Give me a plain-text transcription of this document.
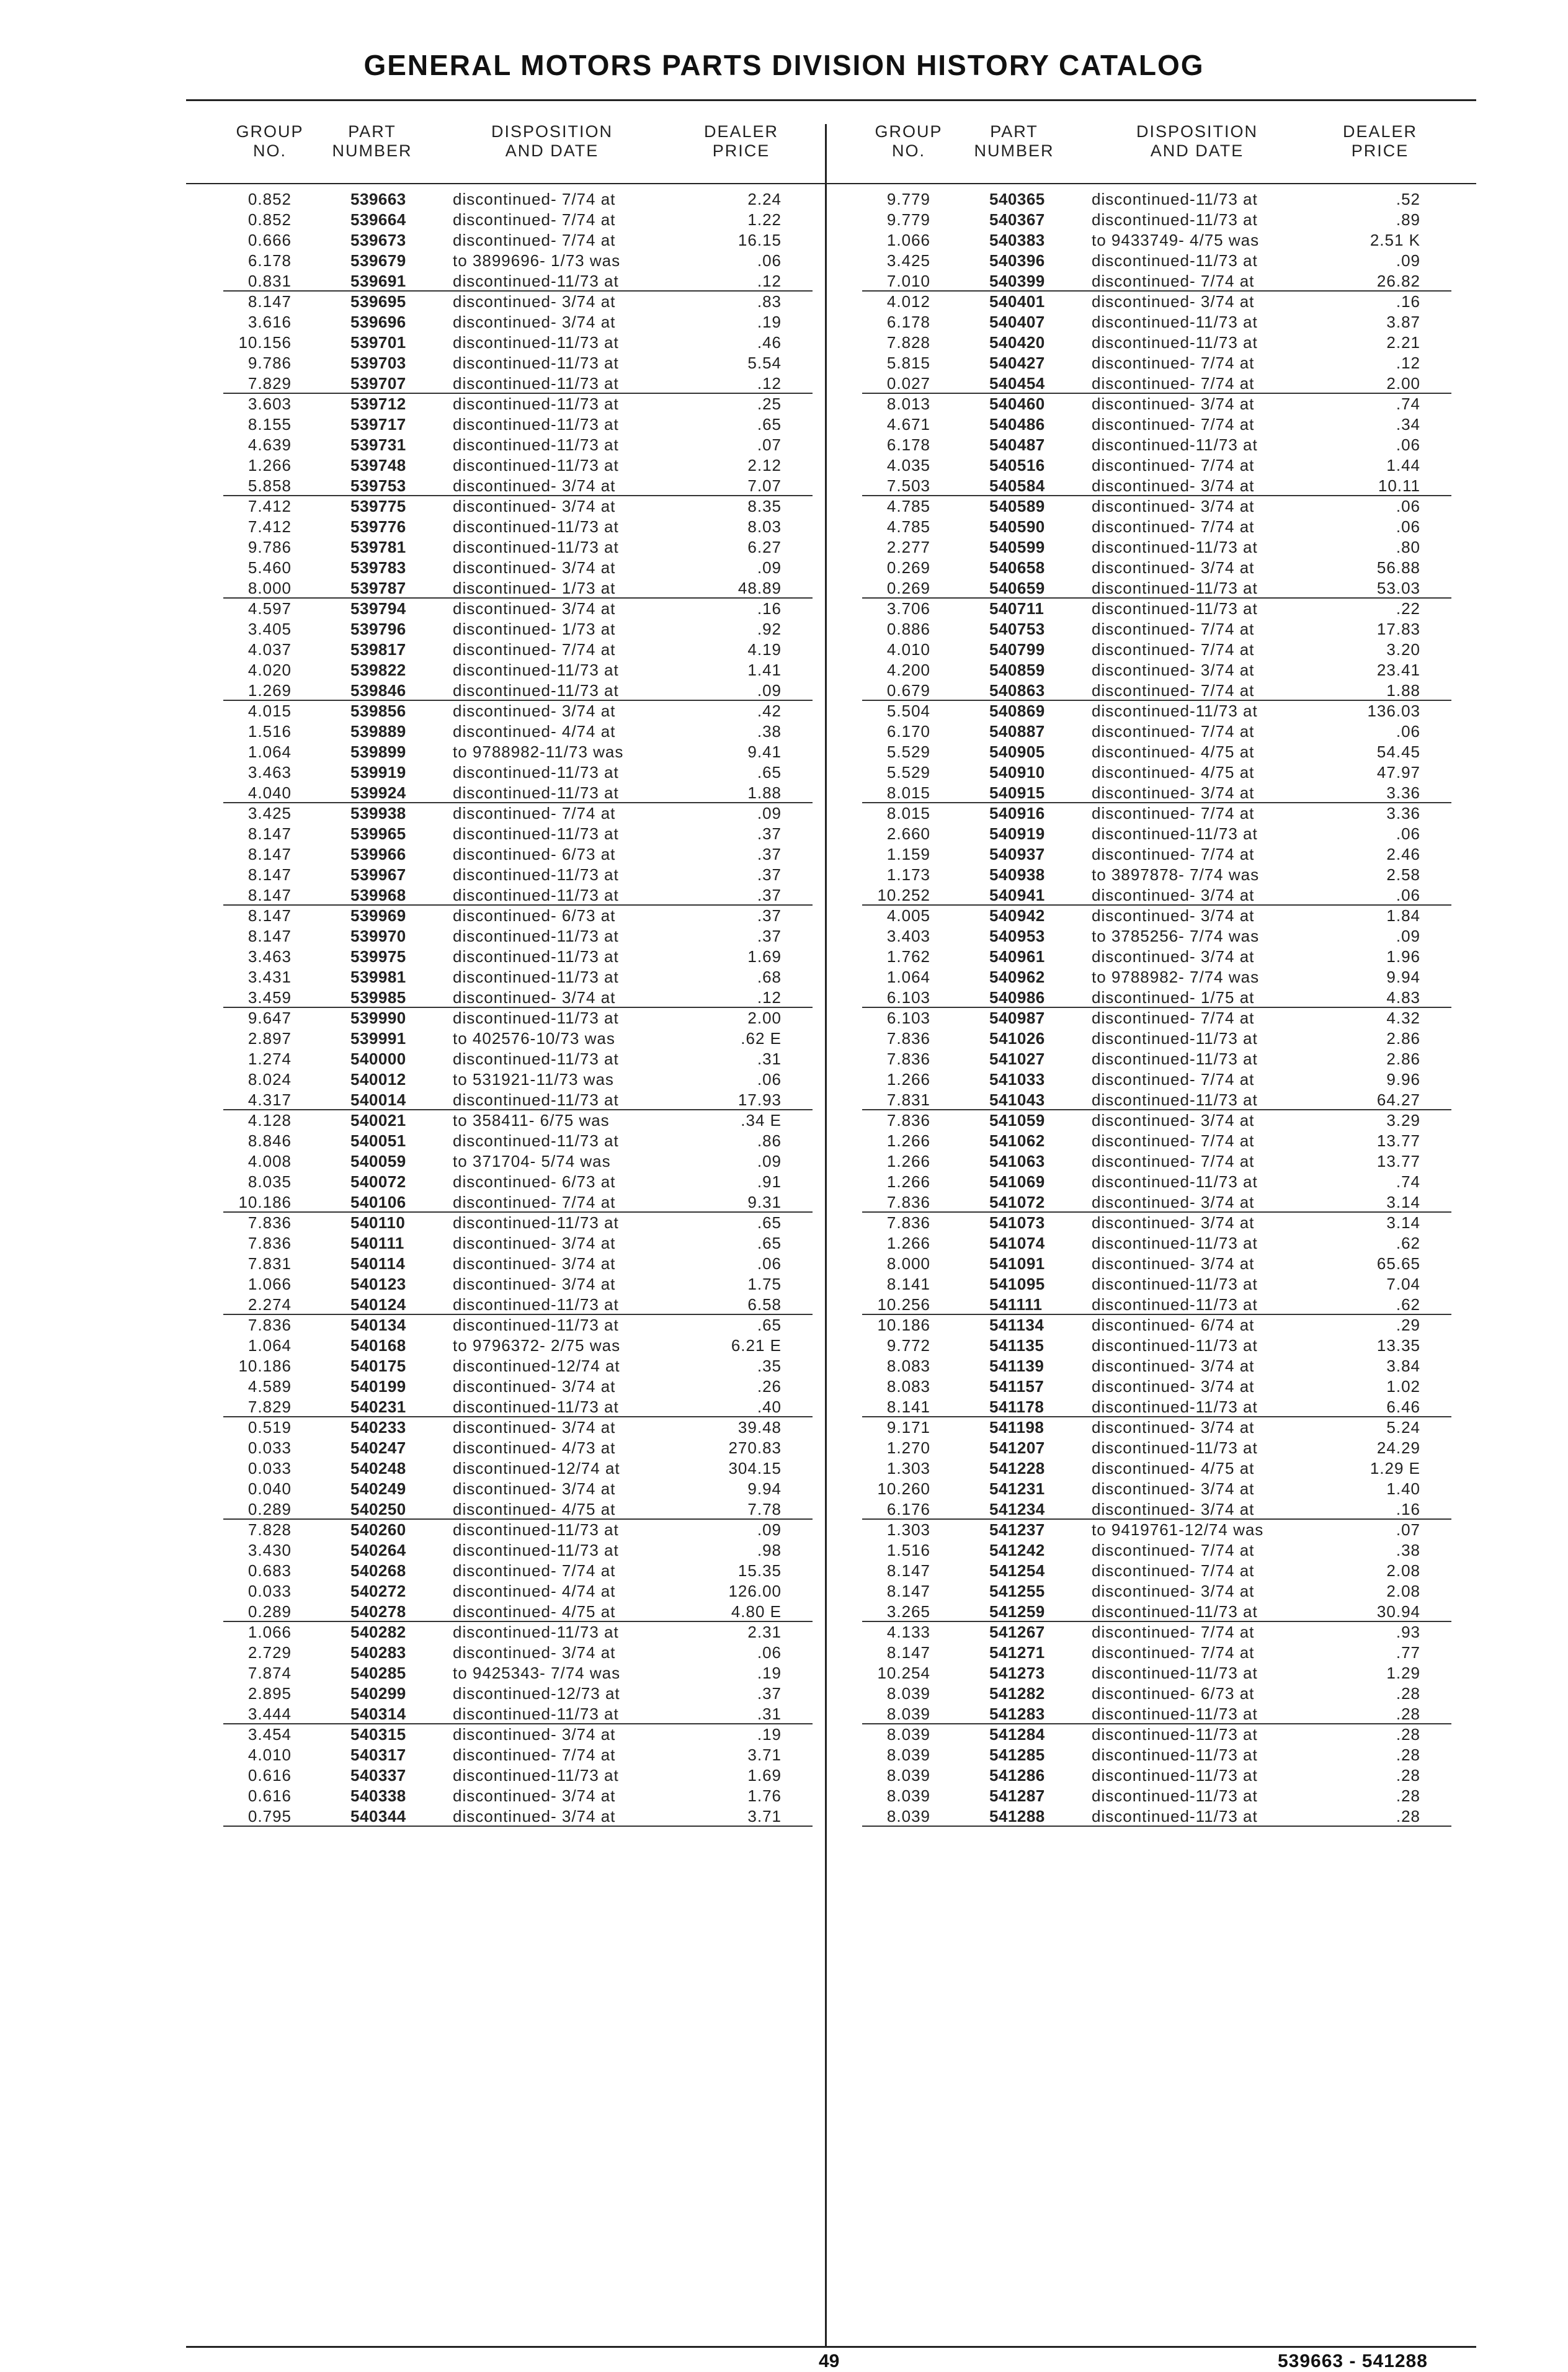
GENERAL MOTORS PARTS DIVISION HISTORY CATALOG
GROUP
NO.
PART
NUMBER
DISPOSITION
AND DATE
DEALER
PRICE
GROUP
NO.
PART
NUMBER
DISPOSITION
AND DATE
DEALER
PRICE
0.852	539663	discontinued- 7/74 at	2.24
0.852	539664	discontinued- 7/74 at	1.22
0.666	539673	discontinued- 7/74 at	16.15
6.178	539679	to 3899696- 1/73 was	.06
0.831	539691	discontinued-11/73 at	.12
8.147	539695	discontinued- 3/74 at	.83
3.616	539696	discontinued- 3/74 at	.19
10.156	539701	discontinued-11/73 at	.46
9.786	539703	discontinued-11/73 at	5.54
7.829	539707	discontinued-11/73 at	.12
3.603	539712	discontinued-11/73 at	.25
8.155	539717	discontinued-11/73 at	.65
4.639	539731	discontinued-11/73 at	.07
1.266	539748	discontinued-11/73 at	2.12
5.858	539753	discontinued- 3/74 at	7.07
7.412	539775	discontinued- 3/74 at	8.35
7.412	539776	discontinued-11/73 at	8.03
9.786	539781	discontinued-11/73 at	6.27
5.460	539783	discontinued- 3/74 at	.09
8.000	539787	discontinued- 1/73 at	48.89
4.597	539794	discontinued- 3/74 at	.16
3.405	539796	discontinued- 1/73 at	.92
4.037	539817	discontinued- 7/74 at	4.19
4.020	539822	discontinued-11/73 at	1.41
1.269	539846	discontinued-11/73 at	.09
4.015	539856	discontinued- 3/74 at	.42
1.516	539889	discontinued- 4/74 at	.38
1.064	539899	to 9788982-11/73 was	9.41
3.463	539919	discontinued-11/73 at	.65
4.040	539924	discontinued-11/73 at	1.88
3.425	539938	discontinued- 7/74 at	.09
8.147	539965	discontinued-11/73 at	.37
8.147	539966	discontinued- 6/73 at	.37
8.147	539967	discontinued-11/73 at	.37
8.147	539968	discontinued-11/73 at	.37
8.147	539969	discontinued- 6/73 at	.37
8.147	539970	discontinued-11/73 at	.37
3.463	539975	discontinued-11/73 at	1.69
3.431	539981	discontinued-11/73 at	.68
3.459	539985	discontinued- 3/74 at	.12
9.647	539990	discontinued-11/73 at	2.00
2.897	539991	to 402576-10/73 was	.62 E
1.274	540000	discontinued-11/73 at	.31
8.024	540012	to 531921-11/73 was	.06
4.317	540014	discontinued-11/73 at	17.93
4.128	540021	to 358411- 6/75 was	.34 E
8.846	540051	discontinued-11/73 at	.86
4.008	540059	to 371704- 5/74 was	.09
8.035	540072	discontinued- 6/73 at	.91
10.186	540106	discontinued- 7/74 at	9.31
7.836	540110	discontinued-11/73 at	.65
7.836	540111	discontinued- 3/74 at	.65
7.831	540114	discontinued- 3/74 at	.06
1.066	540123	discontinued- 3/74 at	1.75
2.274	540124	discontinued-11/73 at	6.58
7.836	540134	discontinued-11/73 at	.65
1.064	540168	to 9796372- 2/75 was	6.21 E
10.186	540175	discontinued-12/74 at	.35
4.589	540199	discontinued- 3/74 at	.26
7.829	540231	discontinued-11/73 at	.40
0.519	540233	discontinued- 3/74 at	39.48
0.033	540247	discontinued- 4/73 at	270.83
0.033	540248	discontinued-12/74 at	304.15
0.040	540249	discontinued- 3/74 at	9.94
0.289	540250	discontinued- 4/75 at	7.78
7.828	540260	discontinued-11/73 at	.09
3.430	540264	discontinued-11/73 at	.98
0.683	540268	discontinued- 7/74 at	15.35
0.033	540272	discontinued- 4/74 at	126.00
0.289	540278	discontinued- 4/75 at	4.80 E
1.066	540282	discontinued-11/73 at	2.31
2.729	540283	discontinued- 3/74 at	.06
7.874	540285	to 9425343- 7/74 was	.19
2.895	540299	discontinued-12/73 at	.37
3.444	540314	discontinued-11/73 at	.31
3.454	540315	discontinued- 3/74 at	.19
4.010	540317	discontinued- 7/74 at	3.71
0.616	540337	discontinued-11/73 at	1.69
0.616	540338	discontinued- 3/74 at	1.76
0.795	540344	discontinued- 3/74 at	3.71
9.779	540365	discontinued-11/73 at	.52
9.779	540367	discontinued-11/73 at	.89
1.066	540383	to 9433749- 4/75 was	2.51 K
3.425	540396	discontinued-11/73 at	.09
7.010	540399	discontinued- 7/74 at	26.82
4.012	540401	discontinued- 3/74 at	.16
6.178	540407	discontinued-11/73 at	3.87
7.828	540420	discontinued-11/73 at	2.21
5.815	540427	discontinued- 7/74 at	.12
0.027	540454	discontinued- 7/74 at	2.00
8.013	540460	discontinued- 3/74 at	.74
4.671	540486	discontinued- 7/74 at	.34
6.178	540487	discontinued-11/73 at	.06
4.035	540516	discontinued- 7/74 at	1.44
7.503	540584	discontinued- 3/74 at	10.11
4.785	540589	discontinued- 3/74 at	.06
4.785	540590	discontinued- 7/74 at	.06
2.277	540599	discontinued-11/73 at	.80
0.269	540658	discontinued- 3/74 at	56.88
0.269	540659	discontinued-11/73 at	53.03
3.706	540711	discontinued-11/73 at	.22
0.886	540753	discontinued- 7/74 at	17.83
4.010	540799	discontinued- 7/74 at	3.20
4.200	540859	discontinued- 3/74 at	23.41
0.679	540863	discontinued- 7/74 at	1.88
5.504	540869	discontinued-11/73 at	136.03
6.170	540887	discontinued- 7/74 at	.06
5.529	540905	discontinued- 4/75 at	54.45
5.529	540910	discontinued- 4/75 at	47.97
8.015	540915	discontinued- 3/74 at	3.36
8.015	540916	discontinued- 7/74 at	3.36
2.660	540919	discontinued-11/73 at	.06
1.159	540937	discontinued- 7/74 at	2.46
1.173	540938	to 3897878- 7/74 was	2.58
10.252	540941	discontinued- 3/74 at	.06
4.005	540942	discontinued- 3/74 at	1.84
3.403	540953	to 3785256- 7/74 was	.09
1.762	540961	discontinued- 3/74 at	1.96
1.064	540962	to 9788982- 7/74 was	9.94
6.103	540986	discontinued- 1/75 at	4.83
6.103	540987	discontinued- 7/74 at	4.32
7.836	541026	discontinued-11/73 at	2.86
7.836	541027	discontinued-11/73 at	2.86
1.266	541033	discontinued- 7/74 at	9.96
7.831	541043	discontinued-11/73 at	64.27
7.836	541059	discontinued- 3/74 at	3.29
1.266	541062	discontinued- 7/74 at	13.77
1.266	541063	discontinued- 7/74 at	13.77
1.266	541069	discontinued-11/73 at	.74
7.836	541072	discontinued- 3/74 at	3.14
7.836	541073	discontinued- 3/74 at	3.14
1.266	541074	discontinued-11/73 at	.62
8.000	541091	discontinued- 3/74 at	65.65
8.141	541095	discontinued-11/73 at	7.04
10.256	541111	discontinued-11/73 at	.62
10.186	541134	discontinued- 6/74 at	.29
9.772	541135	discontinued-11/73 at	13.35
8.083	541139	discontinued- 3/74 at	3.84
8.083	541157	discontinued- 3/74 at	1.02
8.141	541178	discontinued-11/73 at	6.46
9.171	541198	discontinued- 3/74 at	5.24
1.270	541207	discontinued-11/73 at	24.29
1.303	541228	discontinued- 4/75 at	1.29 E
10.260	541231	discontinued- 3/74 at	1.40
6.176	541234	discontinued- 3/74 at	.16
1.303	541237	to 9419761-12/74 was	.07
1.516	541242	discontinued- 7/74 at	.38
8.147	541254	discontinued- 7/74 at	2.08
8.147	541255	discontinued- 3/74 at	2.08
3.265	541259	discontinued-11/73 at	30.94
4.133	541267	discontinued- 7/74 at	.93
8.147	541271	discontinued- 7/74 at	.77
10.254	541273	discontinued-11/73 at	1.29
8.039	541282	discontinued- 6/73 at	.28
8.039	541283	discontinued-11/73 at	.28
8.039	541284	discontinued-11/73 at	.28
8.039	541285	discontinued-11/73 at	.28
8.039	541286	discontinued-11/73 at	.28
8.039	541287	discontinued-11/73 at	.28
8.039	541288	discontinued-11/73 at	.28
49	539663 - 541288
